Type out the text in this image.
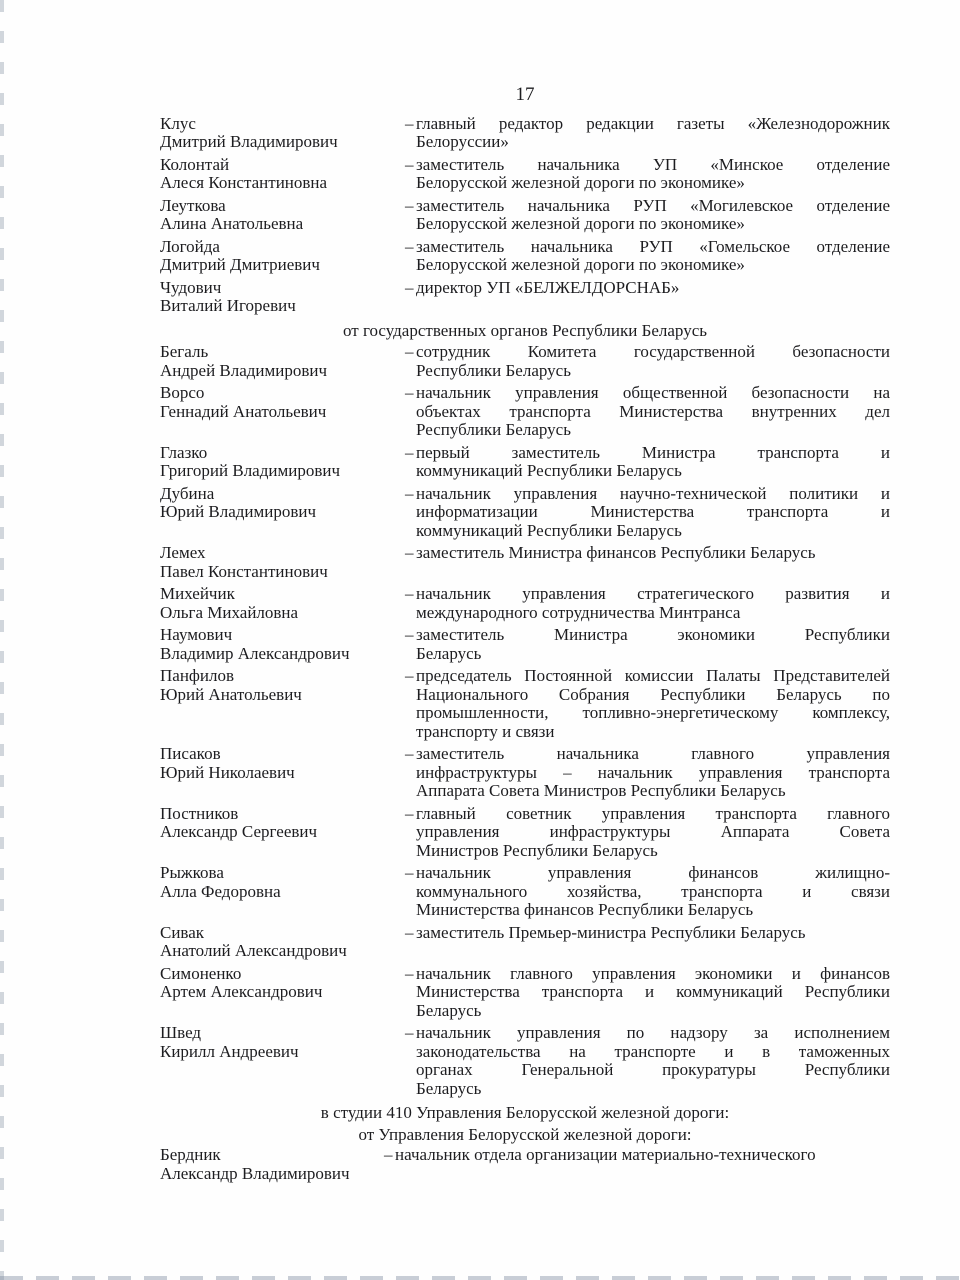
17
Клус
Дмитрий Владимирович
– главный редактор редакции газеты «Железнодорожник
Белоруссии»
Колонтай
Алеся Константиновна
– заместитель начальника УП «Минское отделение
Белорусской железной дороги по экономике»
Леуткова
Алина Анатольевна
– заместитель начальника РУП «Могилевское отделение
Белорусской железной дороги по экономике»
Логойда
Дмитрий Дмитриевич
– заместитель начальника РУП «Гомельское отделение
Белорусской железной дороги по экономике»
Чудович
Виталий Игоревич
– директор УП «БЕЛЖЕЛДОРСНАБ»
от государственных органов Республики Беларусь
Бегаль
Андрей Владимирович
– сотрудник Комитета государственной безопасности
Республики Беларусь
Ворсо
Геннадий Анатольевич
– начальник управления общественной безопасности на
объектах транспорта Министерства внутренних дел
Республики Беларусь
Глазко
Григорий Владимирович
– первый заместитель Министра транспорта и
коммуникаций Республики Беларусь
Дубина
Юрий Владимирович
– начальник управления научно-технической политики и
информатизации Министерства транспорта и
коммуникаций Республики Беларусь
Лемех
Павел Константинович
– заместитель Министра финансов Республики Беларусь
Михейчик
Ольга Михайловна
– начальник управления стратегического развития и
международного сотрудничества Минтранса
Наумович
Владимир Александрович
– заместитель Министра экономики Республики
Беларусь
Панфилов
Юрий Анатольевич
– председатель Постоянной комиссии Палаты Представителей
Национального Собрания Республики Беларусь по
промышленности, топливно-энергетическому комплексу,
транспорту и связи
Писаков
Юрий Николаевич
– заместитель начальника главного управления
инфраструктуры – начальник управления транспорта
Аппарата Совета Министров Республики Беларусь
Постников
Александр Сергеевич
– главный советник управления транспорта главного
управления инфраструктуры Аппарата Совета
Министров Республики Беларусь
Рыжкова
Алла Федоровна
– начальник управления финансов жилищно-
коммунального хозяйства, транспорта и связи
Министерства финансов Республики Беларусь
Сивак
Анатолий Александрович
– заместитель Премьер-министра Республики Беларусь
Симоненко
Артем Александрович
– начальник главного управления экономики и финансов
Министерства транспорта и коммуникаций Республики
Беларусь
Швед
Кирилл Андреевич
– начальник управления по надзору за исполнением
законодательства на транспорте и в таможенных
органах Генеральной прокуратуры Республики
Беларусь
в студии 410 Управления Белорусской железной дороги:
от Управления Белорусской железной дороги:
Бердник
Александр Владимирович
– начальник отдела организации материально-технического
